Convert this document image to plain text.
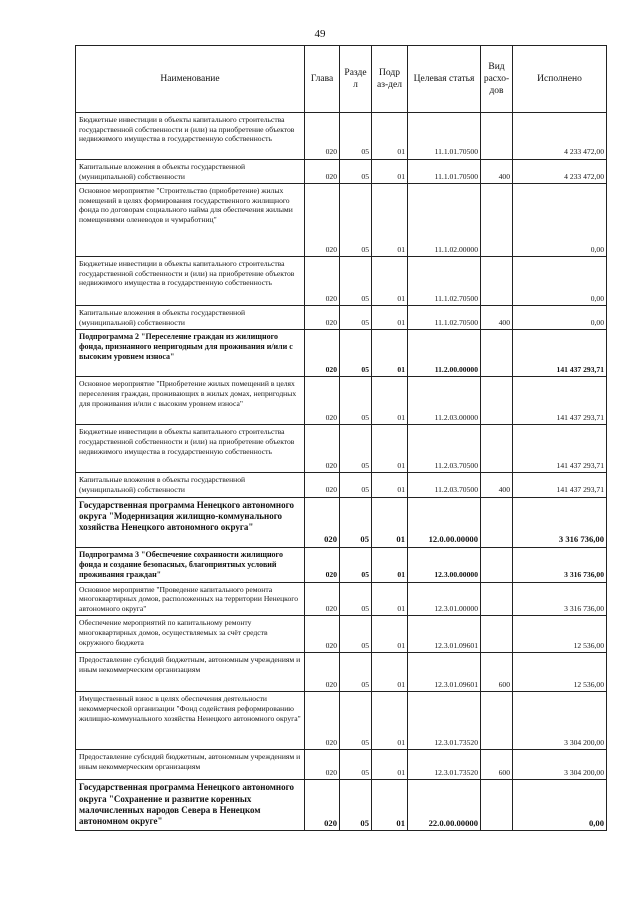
49
Наименование	Глава	Разде л	Подр аз-дел	Целевая статья	Вид расхо- дов	Исполнено
Бюджетные инвестиции в объекты капитального строительства государственной собственности и (или) на приобретение объектов недвижимого имущества в государственную собственность	020	05	01	11.1.01.70500		4 233 472,00
Капитальные вложения в объекты государственной (муниципальной) собственности	020	05	01	11.1.01.70500	400	4 233 472,00
Основное мероприятие "Строительство (приобретение) жилых помещений в целях формирования государственного жилищного фонда по договорам социального найма для обеспечения жилыми помещениями оленеводов и чумработниц"	020	05	01	11.1.02.00000		0,00
Бюджетные инвестиции в объекты капитального строительства государственной собственности и (или) на приобретение объектов недвижимого имущества в государственную собственность	020	05	01	11.1.02.70500		0,00
Капитальные вложения в объекты государственной (муниципальной) собственности	020	05	01	11.1.02.70500	400	0,00
Подпрограмма 2 "Переселение граждан из жилищного фонда, признанного непригодным для проживания и/или с высоким уровнем износа"	020	05	01	11.2.00.00000		141 437 293,71
Основное мероприятие "Приобретение жилых помещений в целях переселения граждан, проживающих в жилых домах, непригодных для проживания и/или с высоким уровнем износа"	020	05	01	11.2.03.00000		141 437 293,71
Бюджетные инвестиции в объекты капитального строительства государственной собственности и (или) на приобретение объектов недвижимого имущества в государственную собственность	020	05	01	11.2.03.70500		141 437 293,71
Капитальные вложения в объекты государственной (муниципальной) собственности	020	05	01	11.2.03.70500	400	141 437 293,71
Государственная программа Ненецкого автономного округа "Модернизация жилищно-коммунального хозяйства Ненецкого автономного округа"	020	05	01	12.0.00.00000		3 316 736,00
Подпрограмма 3 "Обеспечение сохранности жилищного фонда и создание безопасных, благоприятных условий проживания граждан"	020	05	01	12.3.00.00000		3 316 736,00
Основное мероприятие "Проведение капитального ремонта многоквартирных домов, расположенных на территории Ненецкого автономного округа"	020	05	01	12.3.01.00000		3 316 736,00
Обеспечение мероприятий по капитальному ремонту многоквартирных домов, осуществляемых за счёт средств окружного бюджета	020	05	01	12.3.01.09601		12 536,00
Предоставление субсидий бюджетным, автономным учреждениям и иным некоммерческим организациям	020	05	01	12.3.01.09601	600	12 536,00
Имущественный взнос в целях обеспечения деятельности некоммерческой организации "Фонд содействия реформированию жилищно-коммунального хозяйства Ненецкого автономного округа"	020	05	01	12.3.01.73520		3 304 200,00
Предоставление субсидий бюджетным, автономным учреждениям и иным некоммерческим организациям	020	05	01	12.3.01.73520	600	3 304 200,00
Государственная программа Ненецкого автономного округа "Сохранение и развитие коренных малочисленных народов Севера в Ненецком автономном округе"	020	05	01	22.0.00.00000		0,00
